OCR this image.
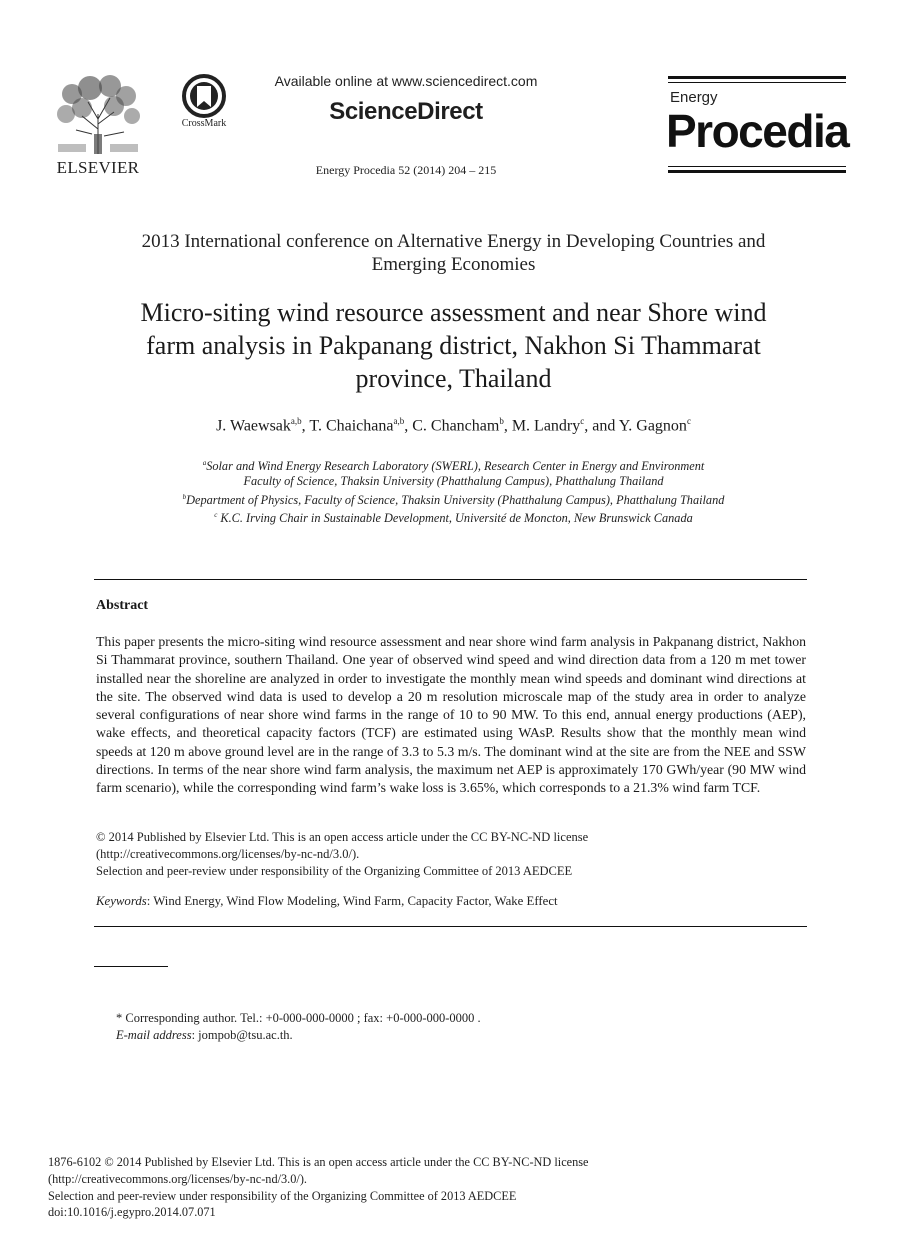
ELSEVIER
CrossMark
Available online at www.sciencedirect.com
ScienceDirect
Energy Procedia 52 (2014) 204 – 215
Energy
Procedia
2013 International conference on Alternative Energy in Developing Countries and
Emerging Economies
Micro-siting wind resource assessment and near Shore wind
farm analysis in Pakpanang district, Nakhon Si Thammarat
province, Thailand
J. Waewsak$^{a,b}$, T. Chaichana$^{a,b}$, C. Chancham$^b$, M. Landry$^c$, and Y. Gagnon$^c$
$^a$Solar and Wind Energy Research Laboratory (SWERL), Research Center in Energy and Environment
Faculty of Science, Thaksin University (Phatthalung Campus), Phatthalung Thailand
$^b$Department of Physics, Faculty of Science, Thaksin University (Phatthalung Campus), Phatthalung Thailand
$^c$ K.C. Irving Chair in Sustainable Development, Université de Moncton, New Brunswick Canada
Abstract
This paper presents the micro-siting wind resource assessment and near shore wind farm analysis in Pakpanang district, Nakhon Si Thammarat province, southern Thailand. One year of observed wind speed and wind direction data from a 120 m met tower installed near the shoreline are analyzed in order to investigate the monthly mean wind speeds and dominant wind directions at the site. The observed wind data is used to develop a 20 m resolution microscale map of the study area in order to analyze several configurations of near shore wind farms in the range of 10 to 90 MW. To this end, annual energy productions (AEP), wake effects, and theoretical capacity factors (TCF) are estimated using WAsP. Results show that the monthly mean wind speeds at 120 m above ground level are in the range of 3.3 to 5.3 m/s. The dominant wind at the site are from the NEE and SSW directions. In terms of the near shore wind farm analysis, the maximum net AEP is approximately 170 GWh/year (90 MW wind farm scenario), while the corresponding wind farm’s wake loss is 3.65%, which corresponds to a 21.3% wind farm TCF.
© 2014 Published by Elsevier Ltd. This is an open access article under the CC BY-NC-ND license
(http://creativecommons.org/licenses/by-nc-nd/3.0/).
Selection and peer-review under responsibility of the Organizing Committee of 2013 AEDCEE
Keywords: Wind Energy, Wind Flow Modeling, Wind Farm, Capacity Factor, Wake Effect
* Corresponding author. Tel.: +0-000-000-0000 ; fax: +0-000-000-0000 .
E-mail address: jompob@tsu.ac.th.
1876-6102 © 2014 Published by Elsevier Ltd. This is an open access article under the CC BY-NC-ND license
(http://creativecommons.org/licenses/by-nc-nd/3.0/).
Selection and peer-review under responsibility of the Organizing Committee of 2013 AEDCEE
doi:10.1016/j.egypro.2014.07.071
